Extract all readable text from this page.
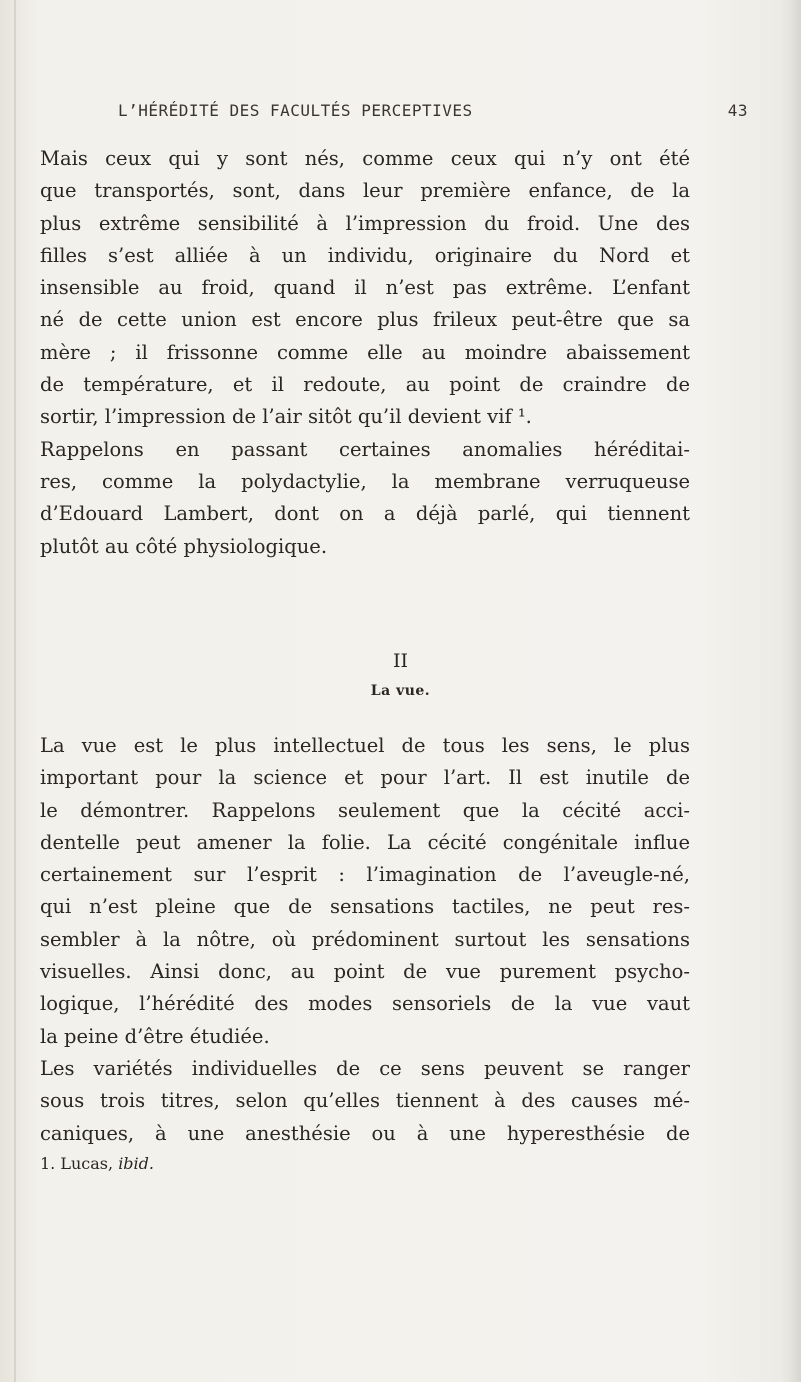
L’HÉRÉDITÉ DES FACULTÉS PERCEPTIVES	43
Mais ceux qui y sont nés, comme ceux qui n’y ont été
que transportés, sont, dans leur première enfance, de la
plus extrême sensibilité à l’impression du froid. Une des
filles s’est alliée à un individu, originaire du Nord et
insensible au froid, quand il n’est pas extrême. L’enfant
né de cette union est encore plus frileux peut-être que sa
mère ; il frissonne comme elle au moindre abaissement
de température, et il redoute, au point de craindre de
sortir, l’impression de l’air sitôt qu’il devient vif ¹.
Rappelons en passant certaines anomalies héréditai-
res, comme la polydactylie, la membrane verruqueuse
d’Edouard Lambert, dont on a déjà parlé, qui tiennent
plutôt au côté physiologique.
II
La vue.
La vue est le plus intellectuel de tous les sens, le plus
important pour la science et pour l’art. Il est inutile de
le démontrer. Rappelons seulement que la cécité acci-
dentelle peut amener la folie. La cécité congénitale influe
certainement sur l’esprit : l’imagination de l’aveugle-né,
qui n’est pleine que de sensations tactiles, ne peut res-
sembler à la nôtre, où prédominent surtout les sensations
visuelles. Ainsi donc, au point de vue purement psycho-
logique, l’hérédité des modes sensoriels de la vue vaut
la peine d’être étudiée.
Les variétés individuelles de ce sens peuvent se ranger
sous trois titres, selon qu’elles tiennent à des causes mé-
caniques, à une anesthésie ou à une hyperesthésie de
1. Lucas, ibid.
